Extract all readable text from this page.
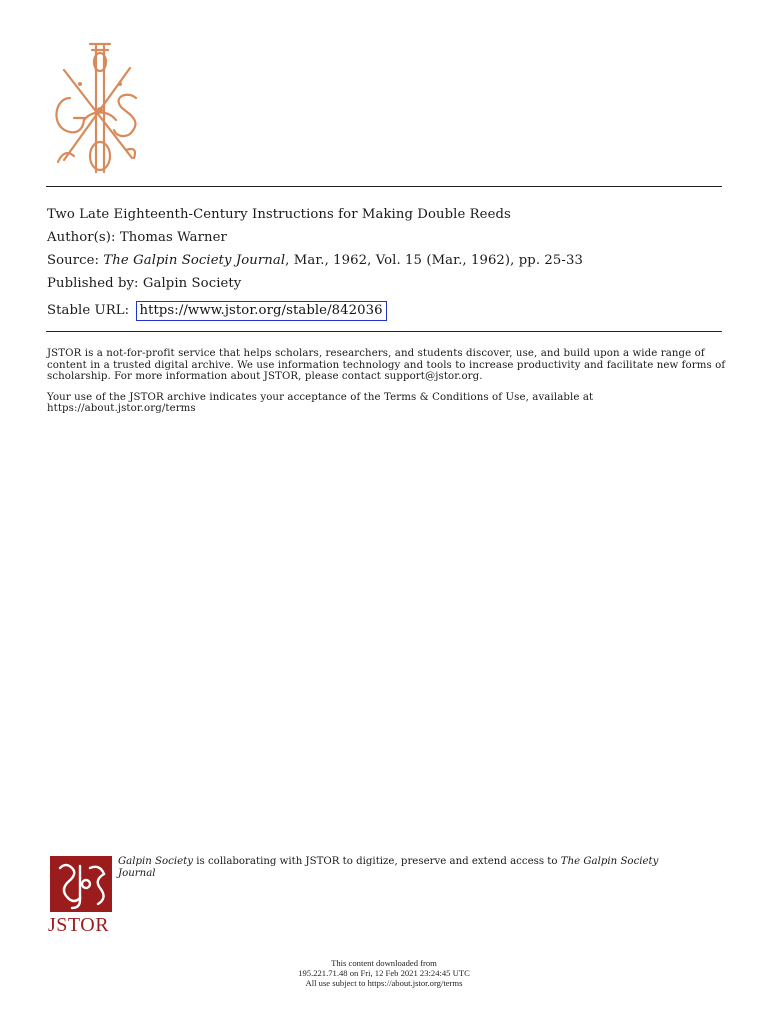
Two Late Eighteenth-Century Instructions for Making Double Reeds
Author(s): Thomas Warner
Source: The Galpin Society Journal, Mar., 1962, Vol. 15 (Mar., 1962), pp. 25-33
Published by: Galpin Society
Stable URL: https://www.jstor.org/stable/842036

JSTOR is a not-for-profit service that helps scholars, researchers, and students discover, use, and build upon a wide range of content in a trusted digital archive. We use information technology and tools to increase productivity and facilitate new forms of scholarship. For more information about JSTOR, please contact support@jstor.org.

Your use of the JSTOR archive indicates your acceptance of the Terms & Conditions of Use, available at https://about.jstor.org/terms

JSTOR
Galpin Society is collaborating with JSTOR to digitize, preserve and extend access to The Galpin Society Journal
This content downloaded from
195.221.71.48 on Fri, 12 Feb 2021 23:24:45 UTC
All use subject to https://about.jstor.org/terms
